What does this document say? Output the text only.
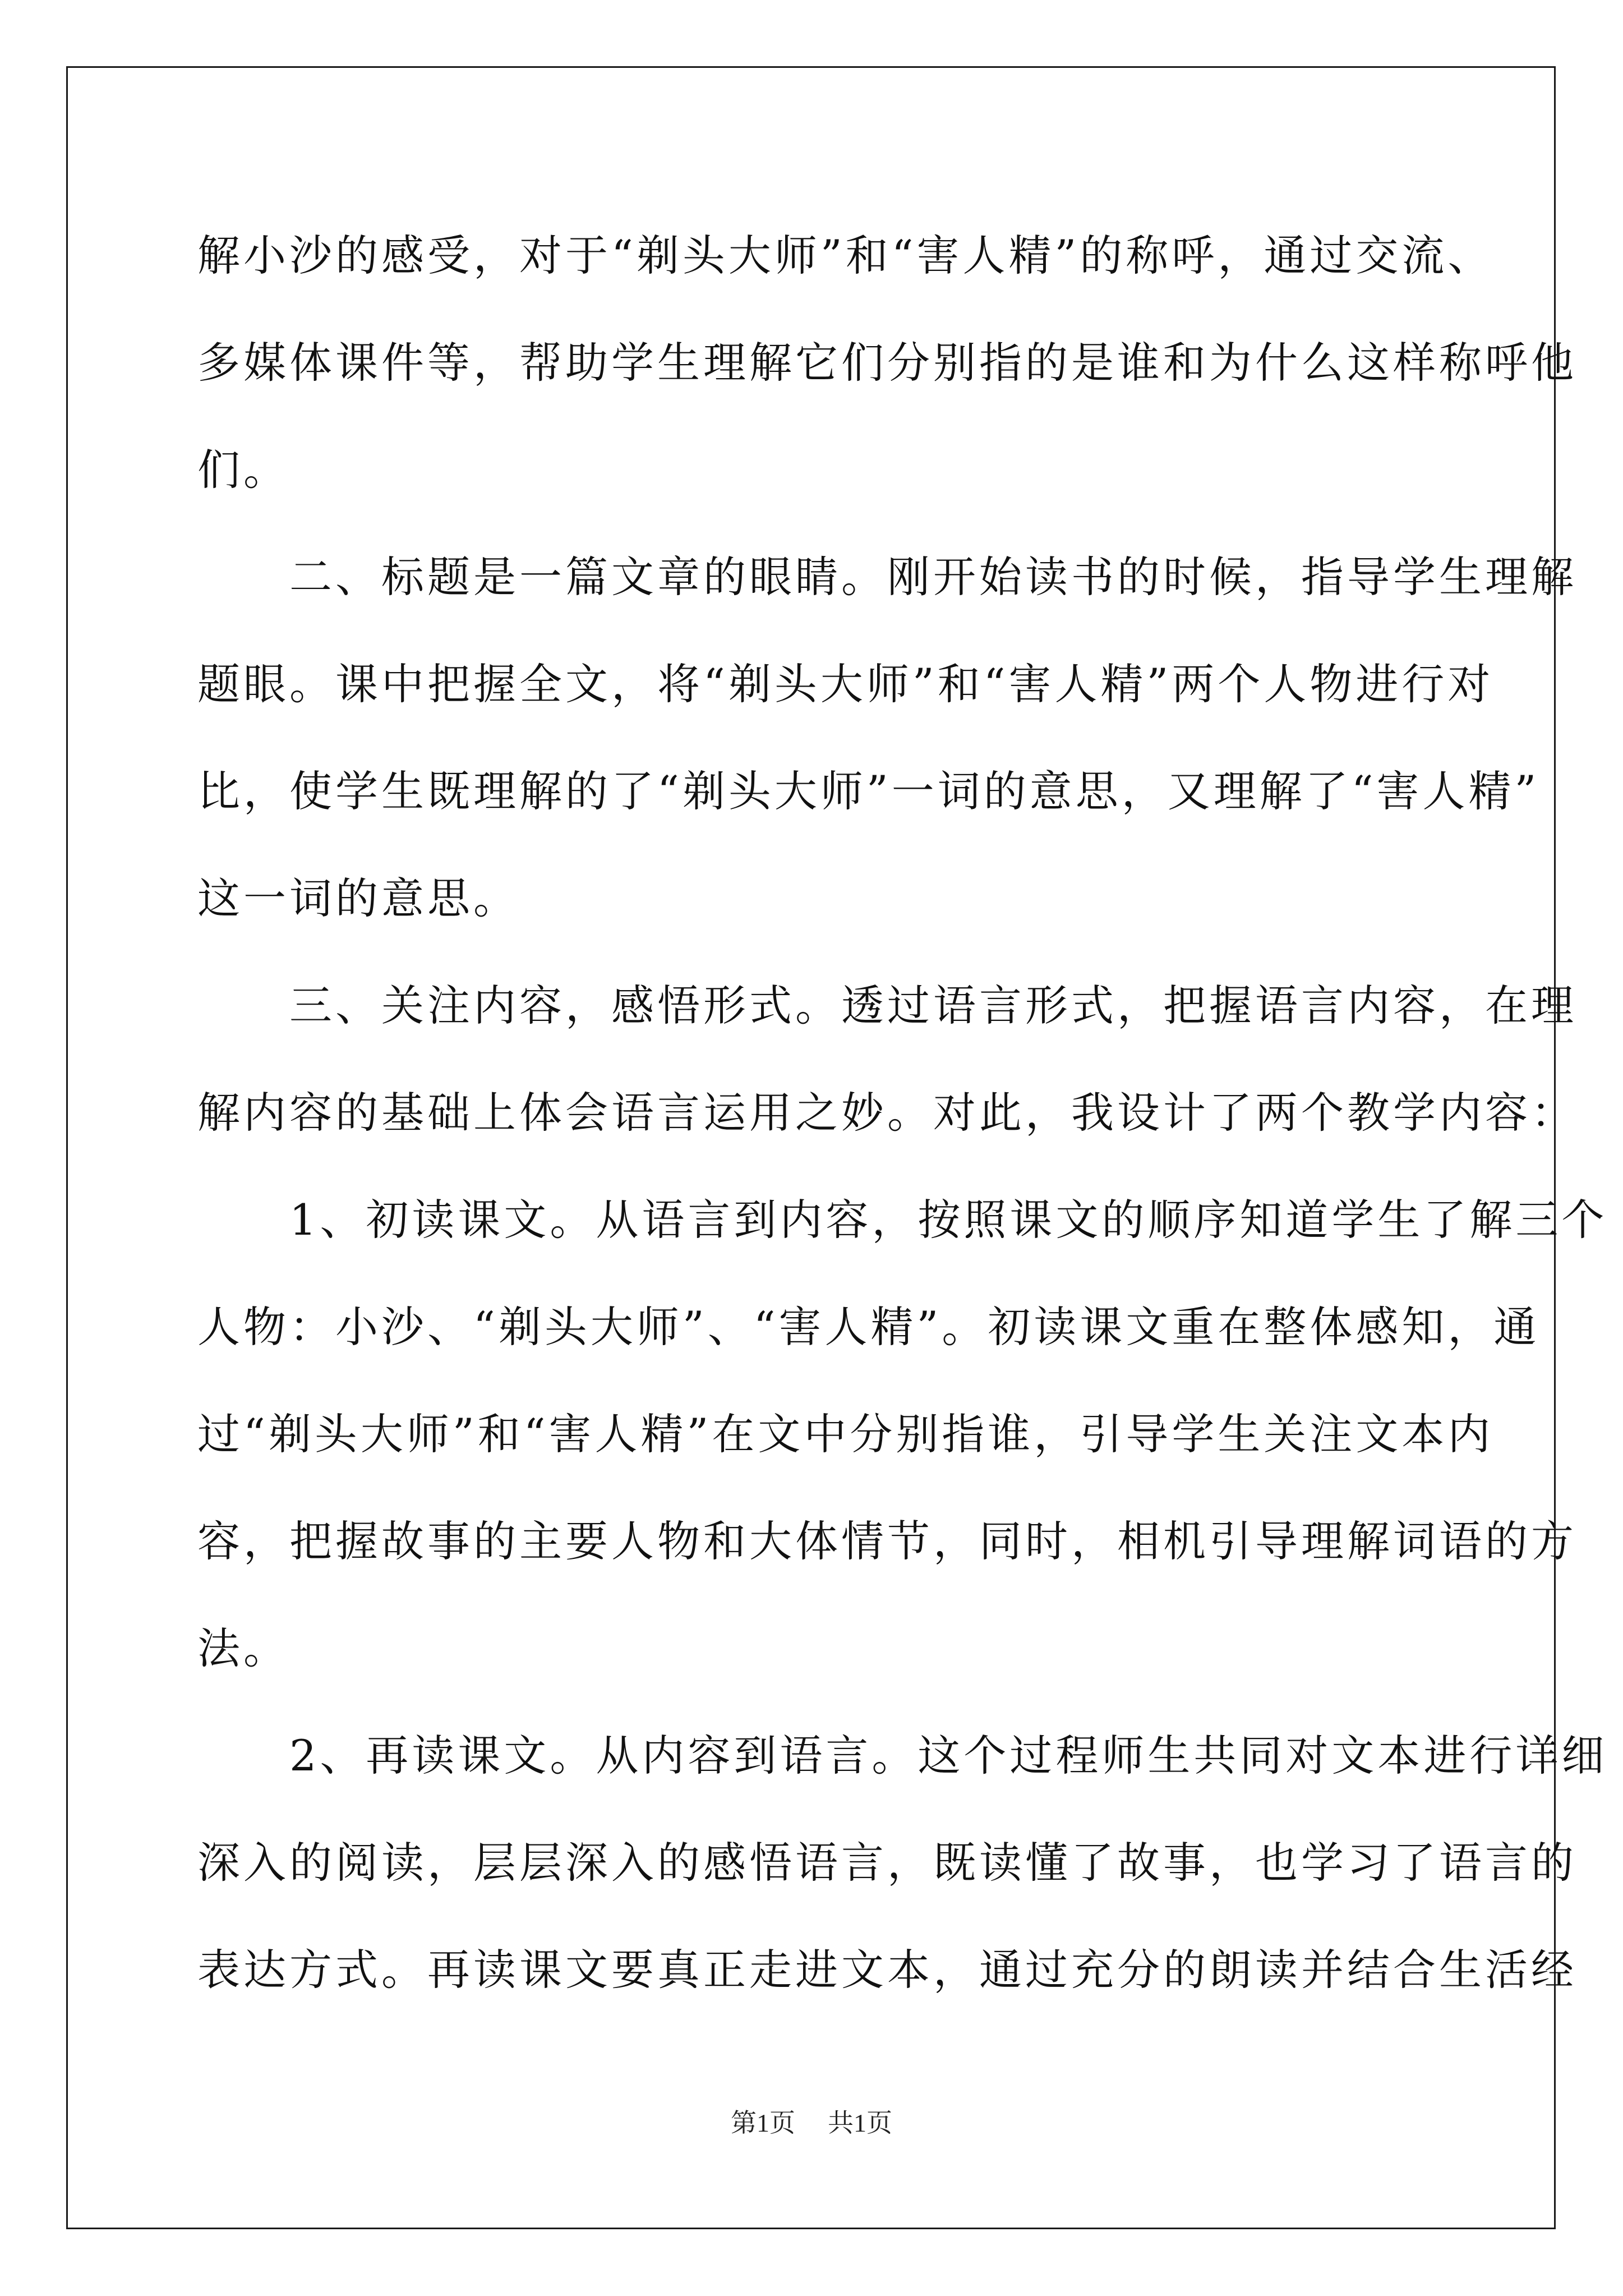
解小沙的感受，对于“剃头大师”和“害人精”的称呼，通过交流、

多媒体课件等，帮助学生理解它们分别指的是谁和为什么这样称呼他

们。

　　二、标题是一篇文章的眼睛。刚开始读书的时候，指导学生理解

题眼。课中把握全文，将“剃头大师”和“害人精”两个人物进行对

比，使学生既理解的了“剃头大师”一词的意思，又理解了“害人精”

这一词的意思。

　　三、关注内容，感悟形式。透过语言形式，把握语言内容，在理

解内容的基础上体会语言运用之妙。对此，我设计了两个教学内容：

　　1、初读课文。从语言到内容，按照课文的顺序知道学生了解三个

人物：小沙、“剃头大师”、“害人精”。初读课文重在整体感知，通

过“剃头大师”和“害人精”在文中分别指谁，引导学生关注文本内

容，把握故事的主要人物和大体情节，同时，相机引导理解词语的方

法。

　　2、再读课文。从内容到语言。这个过程师生共同对文本进行详细

深入的阅读，层层深入的感悟语言，既读懂了故事，也学习了语言的

表达方式。再读课文要真正走进文本，通过充分的朗读并结合生活经

第1页 共1页
